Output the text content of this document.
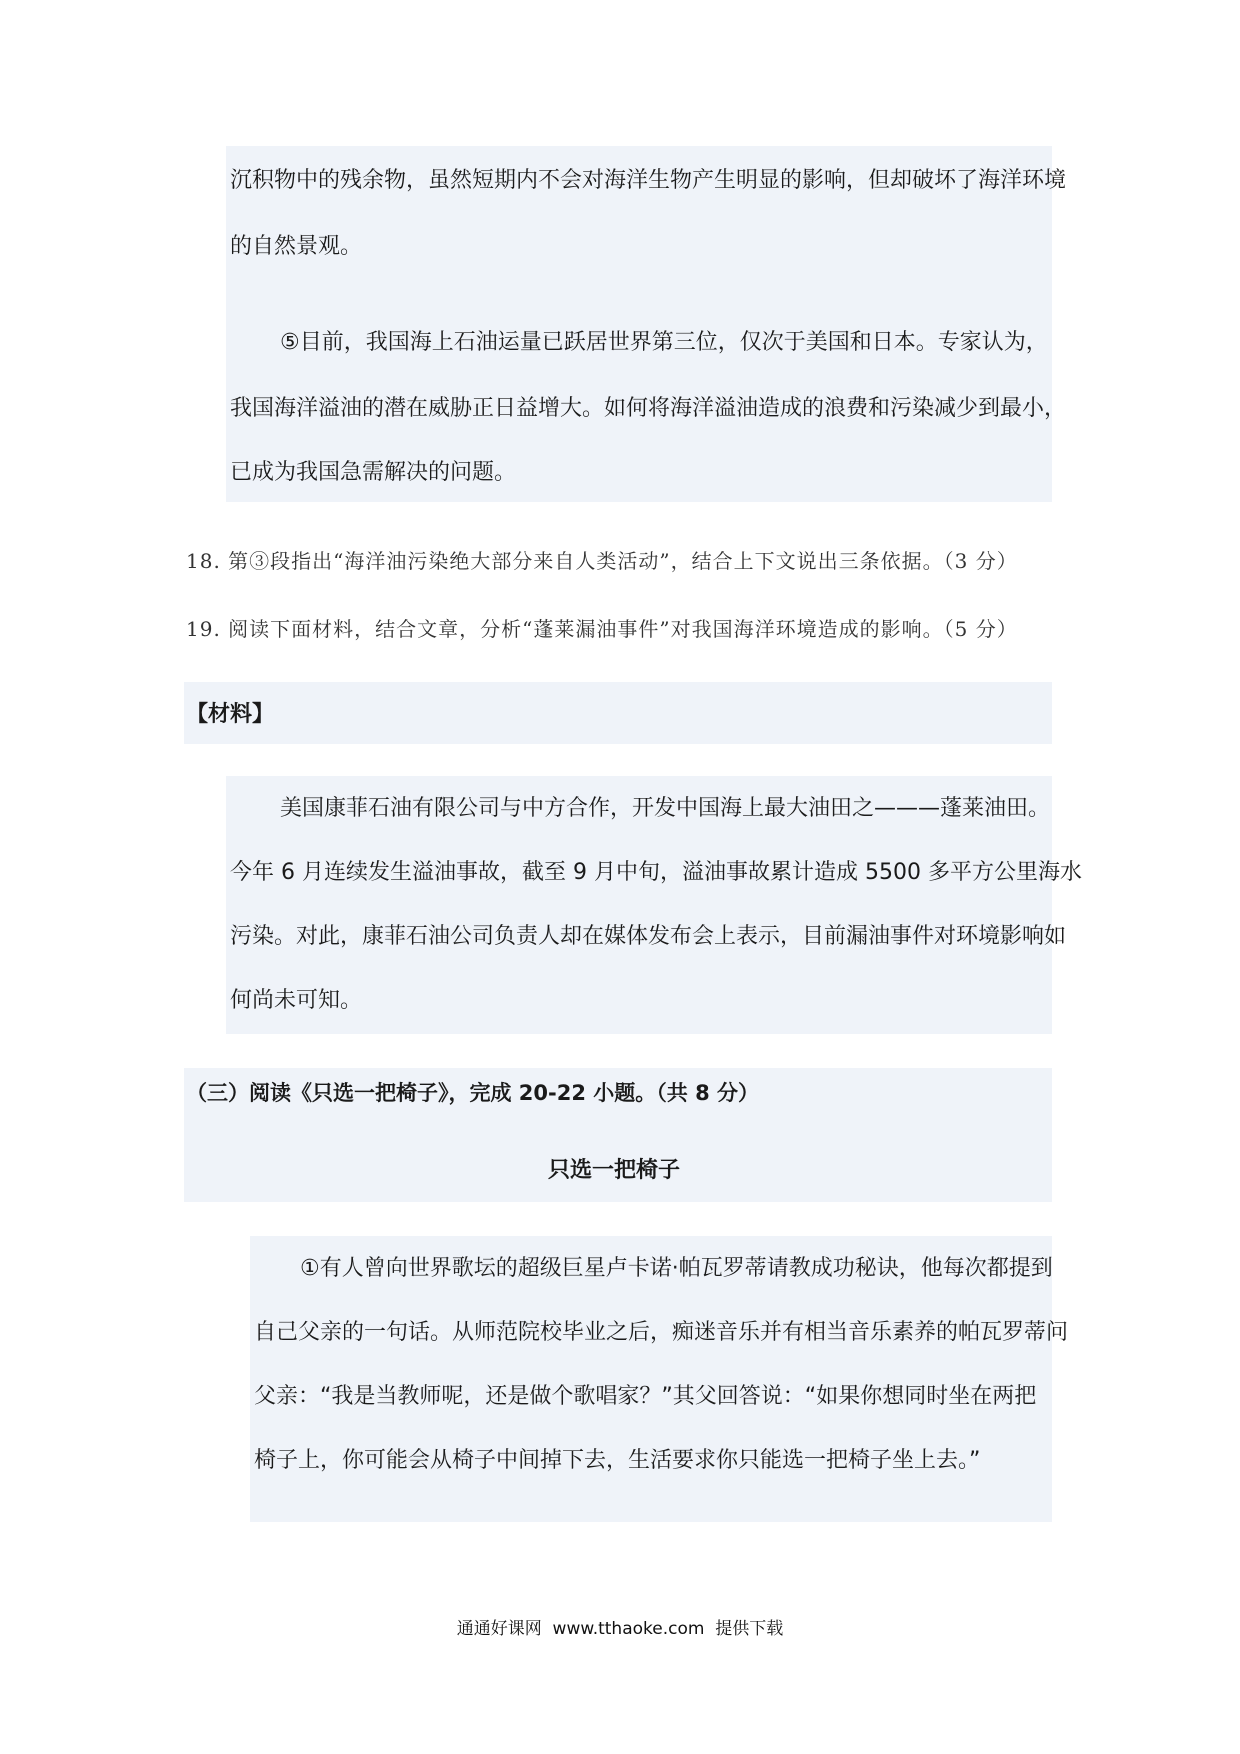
沉积物中的残余物，虽然短期内不会对海洋生物产生明显的影响，但却破坏了海洋环境
的自然景观。
⑤目前，我国海上石油运量已跃居世界第三位，仅次于美国和日本。专家认为，
我国海洋溢油的潜在威胁正日益增大。如何将海洋溢油造成的浪费和污染减少到最小，
已成为我国急需解决的问题。
18. 第③段指出“海洋油污染绝大部分来自人类活动”，结合上下文说出三条依据。（3 分）
19. 阅读下面材料，结合文章，分析“蓬莱漏油事件”对我国海洋环境造成的影响。（5 分）
【材料】
美国康菲石油有限公司与中方合作，开发中国海上最大油田之———蓬莱油田。
今年 6 月连续发生溢油事故，截至 9 月中旬，溢油事故累计造成 5500 多平方公里海水
污染。对此，康菲石油公司负责人却在媒体发布会上表示，目前漏油事件对环境影响如
何尚未可知。
（三）阅读《只选一把椅子》，完成 20-22 小题。（共 8 分）
只选一把椅子
①有人曾向世界歌坛的超级巨星卢卡诺·帕瓦罗蒂请教成功秘诀，他每次都提到
自己父亲的一句话。从师范院校毕业之后，痴迷音乐并有相当音乐素养的帕瓦罗蒂问
父亲：“我是当教师呢，还是做个歌唱家？”其父回答说：“如果你想同时坐在两把
椅子上，你可能会从椅子中间掉下去，生活要求你只能选一把椅子坐上去。”
通通好课网  www.tthaoke.com  提供下载
